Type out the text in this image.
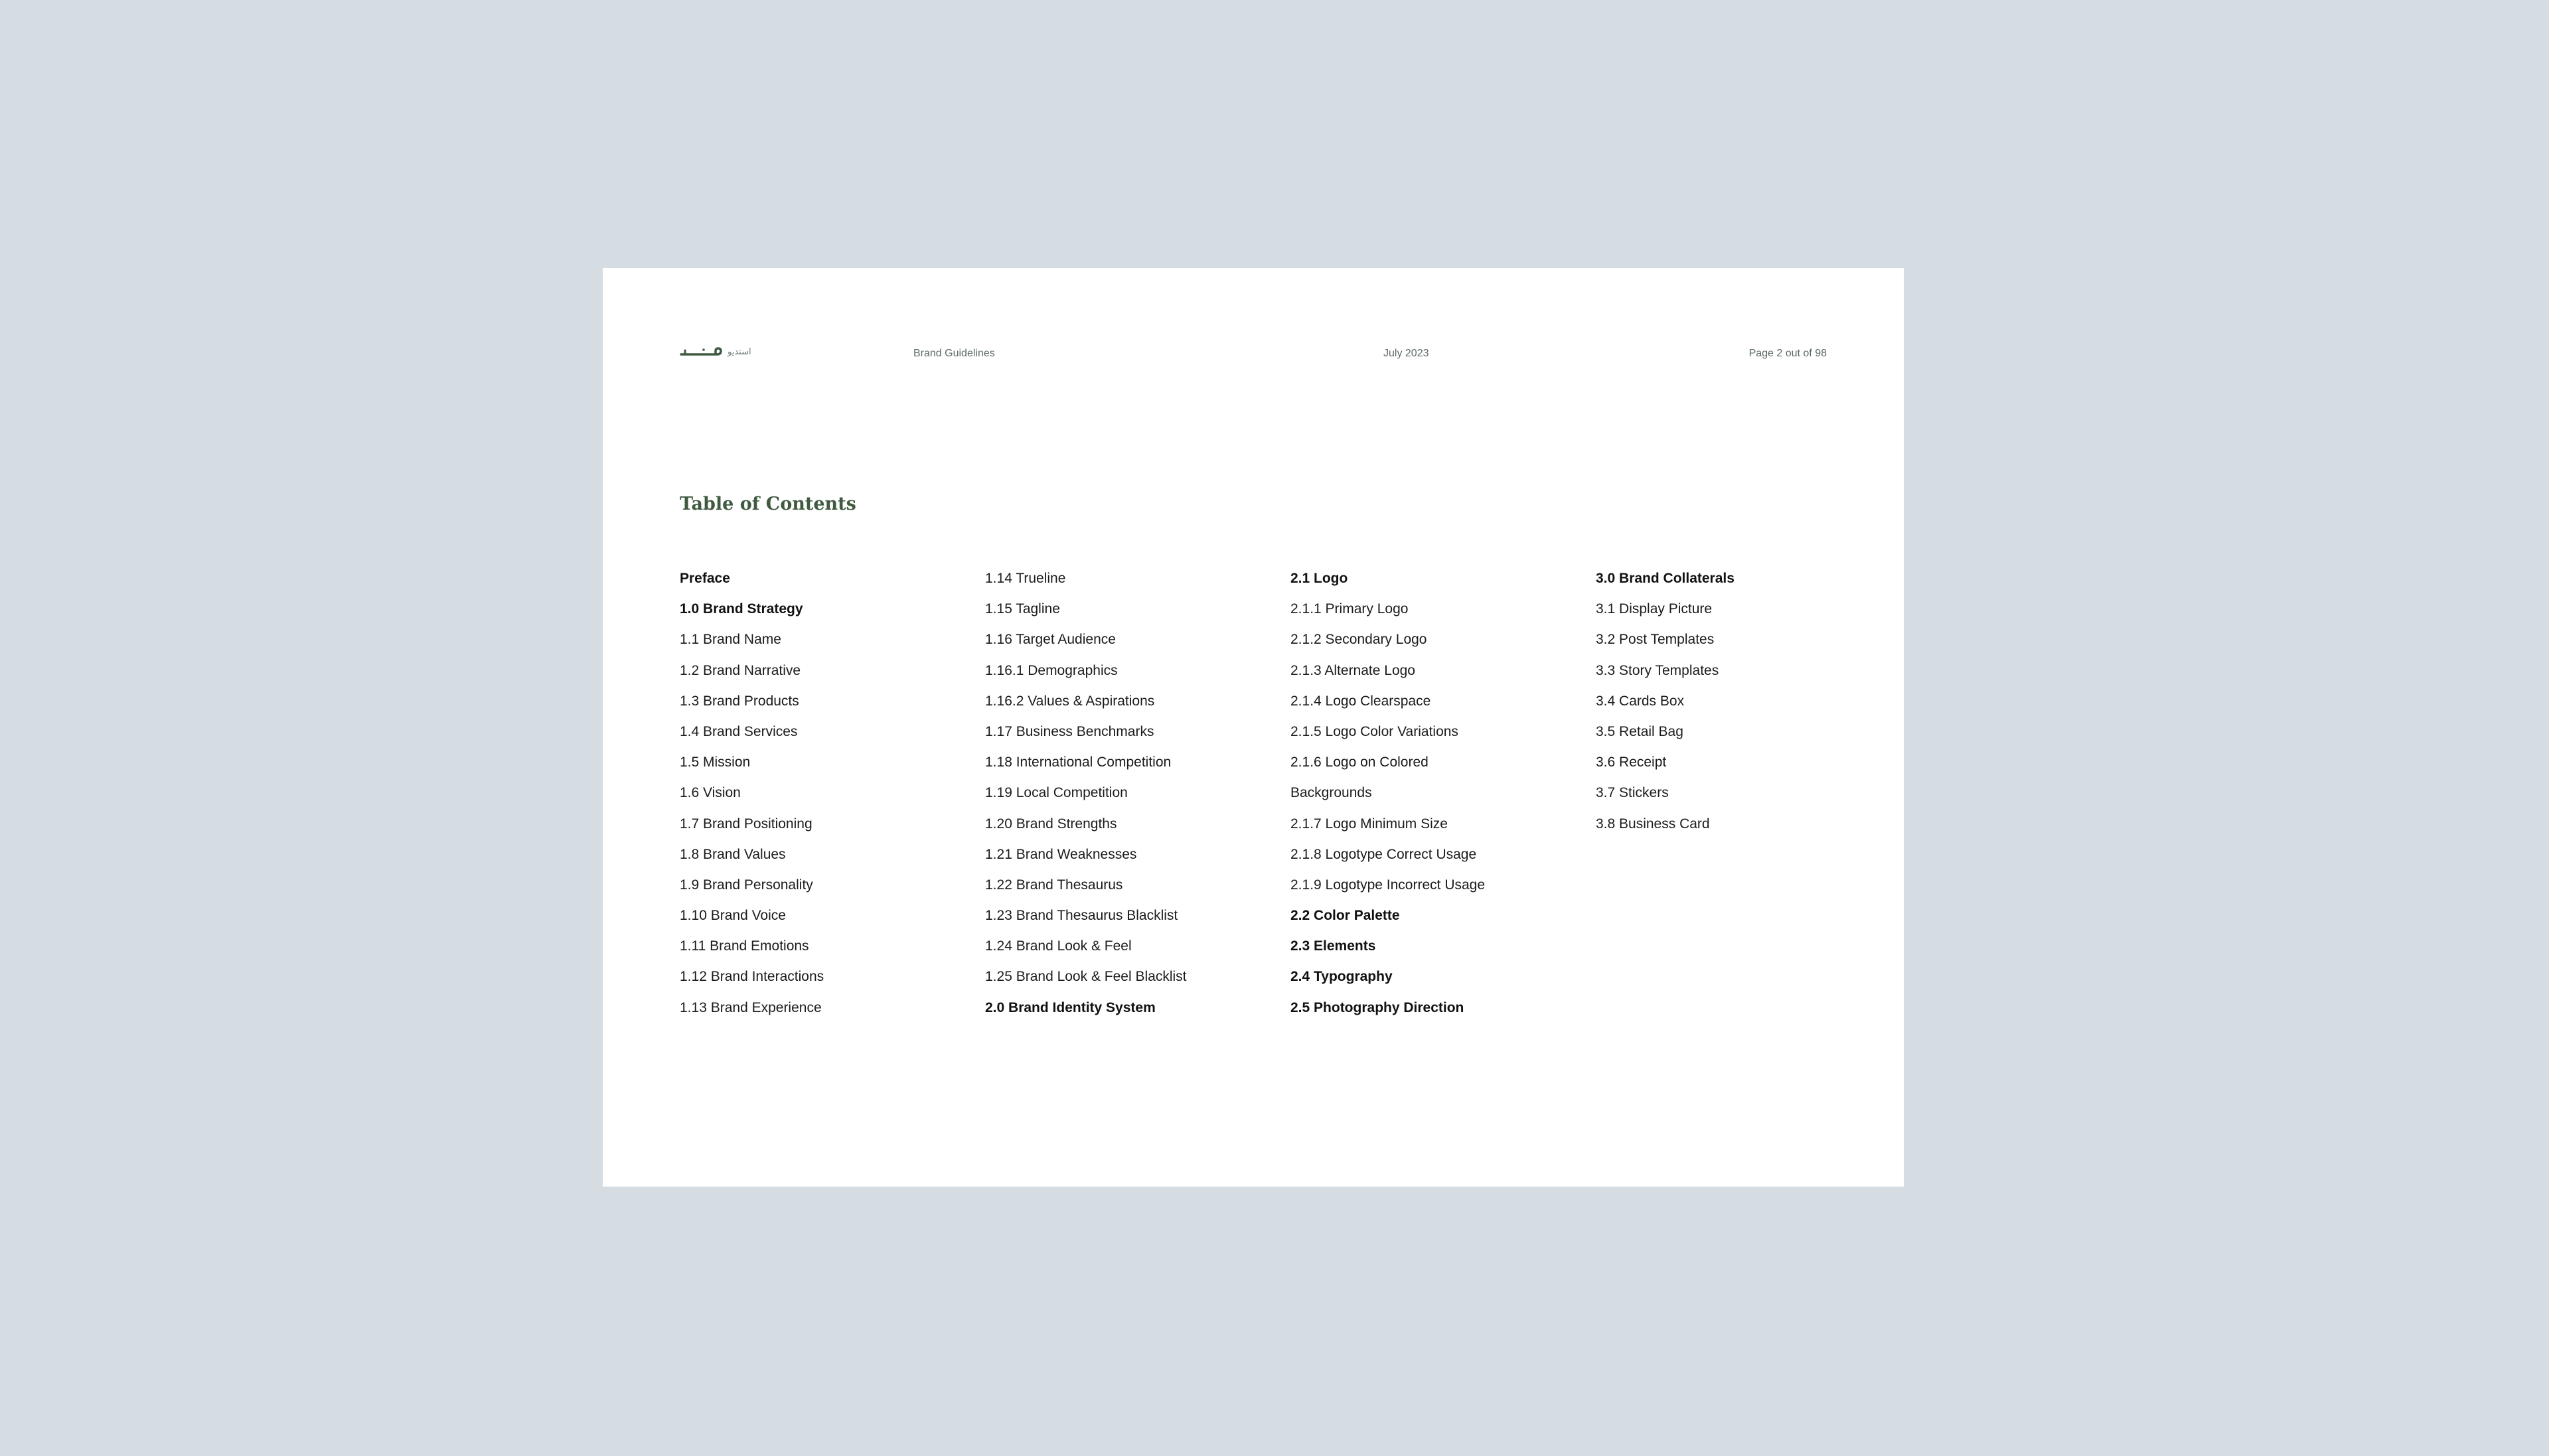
استديو	Brand Guidelines	July 2023	Page 2 out of 98
Table of Contents
Preface
1.0 Brand Strategy
1.1 Brand Name
1.2 Brand Narrative
1.3 Brand Products
1.4 Brand Services
1.5 Mission
1.6 Vision
1.7 Brand Positioning
1.8 Brand Values
1.9 Brand Personality
1.10 Brand Voice
1.11 Brand Emotions
1.12 Brand Interactions
1.13 Brand Experience
1.14 Trueline
1.15 Tagline
1.16 Target Audience
1.16.1 Demographics
1.16.2 Values & Aspirations
1.17 Business Benchmarks
1.18 International Competition
1.19 Local Competition
1.20 Brand Strengths
1.21 Brand Weaknesses
1.22 Brand Thesaurus
1.23 Brand Thesaurus Blacklist
1.24 Brand Look & Feel
1.25 Brand Look & Feel Blacklist
2.0 Brand Identity System
2.1 Logo
2.1.1 Primary Logo
2.1.2 Secondary Logo
2.1.3 Alternate Logo
2.1.4 Logo Clearspace
2.1.5 Logo Color Variations
2.1.6 Logo on Colored
Backgrounds
2.1.7 Logo Minimum Size
2.1.8 Logotype Correct Usage
2.1.9 Logotype Incorrect Usage
2.2 Color Palette
2.3 Elements
2.4 Typography
2.5 Photography Direction
3.0 Brand Collaterals
3.1 Display Picture
3.2 Post Templates
3.3 Story Templates
3.4 Cards Box
3.5 Retail Bag
3.6 Receipt
3.7 Stickers
3.8 Business Card
